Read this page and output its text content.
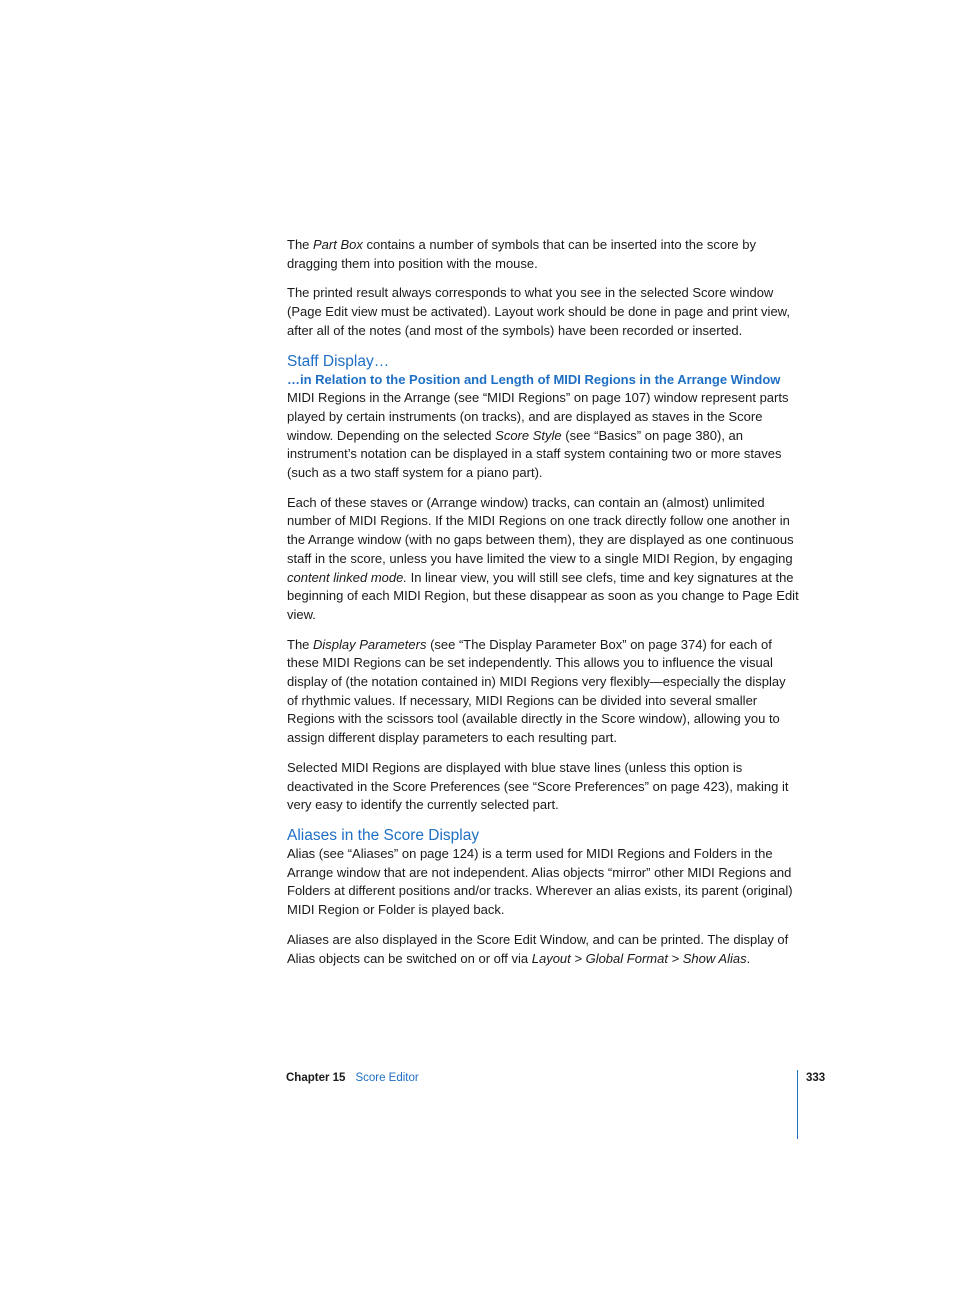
The Part Box contains a number of symbols that can be inserted into the score by dragging them into position with the mouse.

The printed result always corresponds to what you see in the selected Score window (Page Edit view must be activated). Layout work should be done in page and print view, after all of the notes (and most of the symbols) have been recorded or inserted.

Staff Display…
…in Relation to the Position and Length of MIDI Regions in the Arrange Window

MIDI Regions in the Arrange (see “MIDI Regions” on page 107) window represent parts played by certain instruments (on tracks), and are displayed as staves in the Score window. Depending on the selected Score Style (see “Basics” on page 380), an instrument’s notation can be displayed in a staff system containing two or more staves (such as a two staff system for a piano part).

Each of these staves or (Arrange window) tracks, can contain an (almost) unlimited number of MIDI Regions. If the MIDI Regions on one track directly follow one another in the Arrange window (with no gaps between them), they are displayed as one continuous staff in the score, unless you have limited the view to a single MIDI Region, by engaging content linked mode. In linear view, you will still see clefs, time and key signatures at the beginning of each MIDI Region, but these disappear as soon as you change to Page Edit view.

The Display Parameters (see “The Display Parameter Box” on page 374) for each of these MIDI Regions can be set independently. This allows you to influence the visual display of (the notation contained in) MIDI Regions very flexibly—especially the display of rhythmic values. If necessary, MIDI Regions can be divided into several smaller Regions with the scissors tool (available directly in the Score window), allowing you to assign different display parameters to each resulting part.

Selected MIDI Regions are displayed with blue stave lines (unless this option is deactivated in the Score Preferences (see “Score Preferences” on page 423), making it very easy to identify the currently selected part.

Aliases in the Score Display

Alias (see “Aliases” on page 124) is a term used for MIDI Regions and Folders in the Arrange window that are not independent. Alias objects “mirror” other MIDI Regions and Folders at different positions and/or tracks. Wherever an alias exists, its parent (original) MIDI Region or Folder is played back.

Aliases are also displayed in the Score Edit Window, and can be printed. The display of Alias objects can be switched on or off via Layout > Global Format > Show Alias.

Chapter 15 Score Editor	333
